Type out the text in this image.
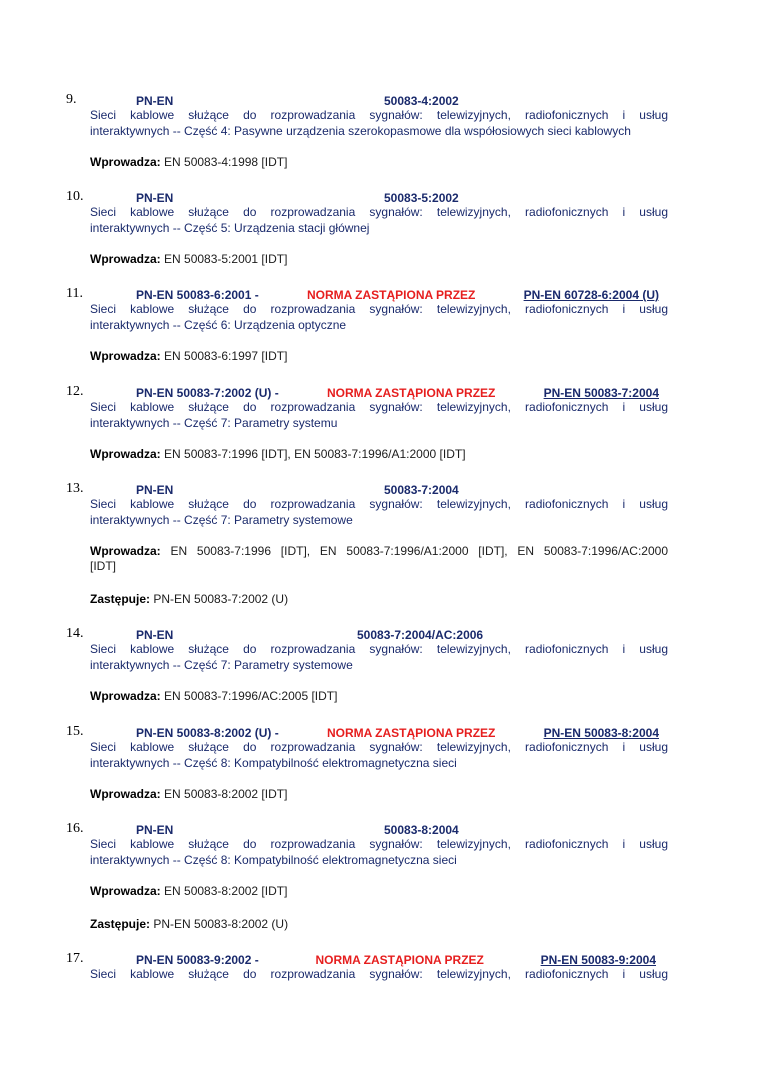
9.	PN-EN	50083-4:2002
Sieci kablowe służące do rozprowadzania sygnałów: telewizyjnych, radiofonicznych i usług
interaktywnych -- Część 4: Pasywne urządzenia szerokopasmowe dla współosiowych sieci kablowych
Wprowadza: EN 50083-4:1998 [IDT]
10.	PN-EN	50083-5:2002
Sieci kablowe służące do rozprowadzania sygnałów: telewizyjnych, radiofonicznych i usług
interaktywnych -- Część 5: Urządzenia stacji głównej
Wprowadza: EN 50083-5:2001 [IDT]
11.	PN-EN 50083-6:2001 -	NORMA ZASTĄPIONA PRZEZ	PN-EN 60728-6:2004 (U)
Sieci kablowe służące do rozprowadzania sygnałów: telewizyjnych, radiofonicznych i usług
interaktywnych -- Część 6: Urządzenia optyczne
Wprowadza: EN 50083-6:1997 [IDT]
12.	PN-EN 50083-7:2002 (U) -	NORMA ZASTĄPIONA PRZEZ	PN-EN 50083-7:2004
Sieci kablowe służące do rozprowadzania sygnałów: telewizyjnych, radiofonicznych i usług
interaktywnych -- Część 7: Parametry systemu
Wprowadza: EN 50083-7:1996 [IDT], EN 50083-7:1996/A1:2000 [IDT]
13.	PN-EN	50083-7:2004
Sieci kablowe służące do rozprowadzania sygnałów: telewizyjnych, radiofonicznych i usług
interaktywnych -- Część 7: Parametry systemowe
Wprowadza: EN 50083-7:1996 [IDT], EN 50083-7:1996/A1:2000 [IDT], EN 50083-7:1996/AC:2000
[IDT]
Zastępuje: PN-EN 50083-7:2002 (U)
14.	PN-EN	50083-7:2004/AC:2006
Sieci kablowe służące do rozprowadzania sygnałów: telewizyjnych, radiofonicznych i usług
interaktywnych -- Część 7: Parametry systemowe
Wprowadza: EN 50083-7:1996/AC:2005 [IDT]
15.	PN-EN 50083-8:2002 (U) -	NORMA ZASTĄPIONA PRZEZ	PN-EN 50083-8:2004
Sieci kablowe służące do rozprowadzania sygnałów: telewizyjnych, radiofonicznych i usług
interaktywnych -- Część 8: Kompatybilność elektromagnetyczna sieci
Wprowadza: EN 50083-8:2002 [IDT]
16.	PN-EN	50083-8:2004
Sieci kablowe służące do rozprowadzania sygnałów: telewizyjnych, radiofonicznych i usług
interaktywnych -- Część 8: Kompatybilność elektromagnetyczna sieci
Wprowadza: EN 50083-8:2002 [IDT]
Zastępuje: PN-EN 50083-8:2002 (U)
17.	PN-EN 50083-9:2002 -	NORMA ZASTĄPIONA PRZEZ	PN-EN 50083-9:2004
Sieci kablowe służące do rozprowadzania sygnałów: telewizyjnych, radiofonicznych i usług
